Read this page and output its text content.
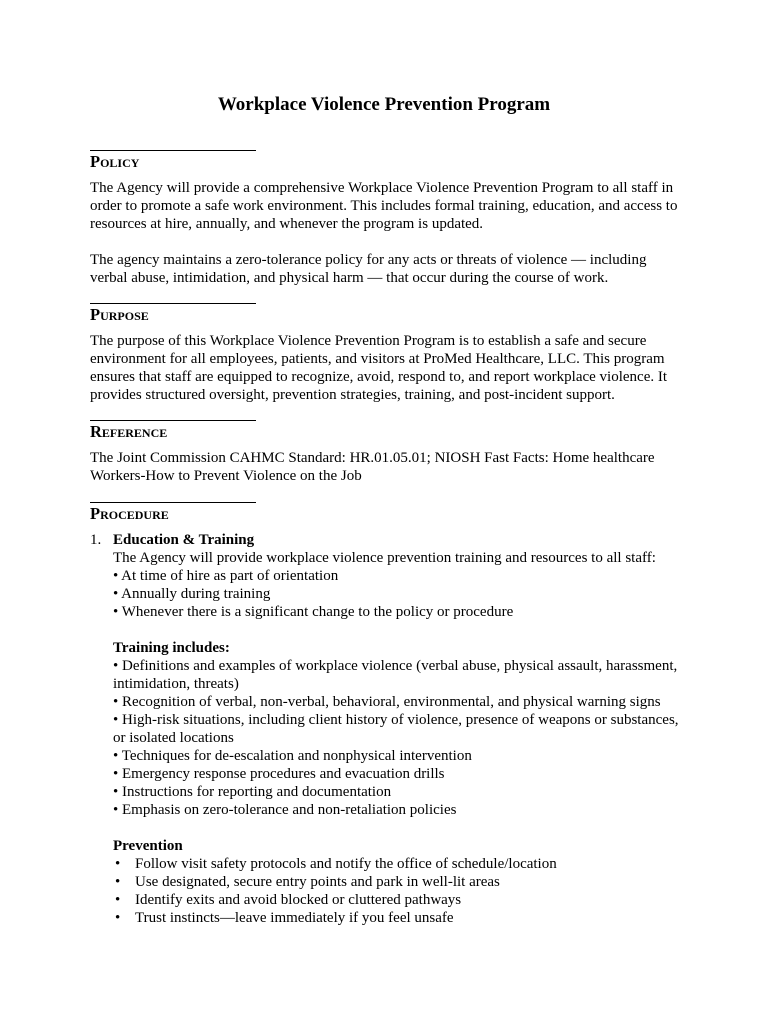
Workplace Violence Prevention Program
Policy

The Agency will provide a comprehensive Workplace Violence Prevention Program to all staff in order to promote a safe work environment. This includes formal training, education, and access to resources at hire, annually, and whenever the program is updated.

The agency maintains a zero-tolerance policy for any acts or threats of violence — including verbal abuse, intimidation, and physical harm — that occur during the course of work.

Purpose

The purpose of this Workplace Violence Prevention Program is to establish a safe and secure environment for all employees, patients, and visitors at ProMed Healthcare, LLC. This program ensures that staff are equipped to recognize, avoid, respond to, and report workplace violence. It provides structured oversight, prevention strategies, training, and post-incident support.

Reference

The Joint Commission CAHMC Standard: HR.01.05.01; NIOSH Fast Facts: Home healthcare Workers-How to Prevent Violence on the Job

Procedure
1. Education & Training
The Agency will provide workplace violence prevention training and resources to all staff:
• At time of hire as part of orientation
• Annually during training
• Whenever there is a significant change to the policy or procedure
Training includes:
• Definitions and examples of workplace violence (verbal abuse, physical assault, harassment, intimidation, threats)
• Recognition of verbal, non-verbal, behavioral, environmental, and physical warning signs
• High-risk situations, including client history of violence, presence of weapons or substances, or isolated locations
• Techniques for de-escalation and nonphysical intervention
• Emergency response procedures and evacuation drills
• Instructions for reporting and documentation
• Emphasis on zero-tolerance and non-retaliation policies
Prevention
• Follow visit safety protocols and notify the office of schedule/location
• Use designated, secure entry points and park in well-lit areas
• Identify exits and avoid blocked or cluttered pathways
• Trust instincts—leave immediately if you feel unsafe
